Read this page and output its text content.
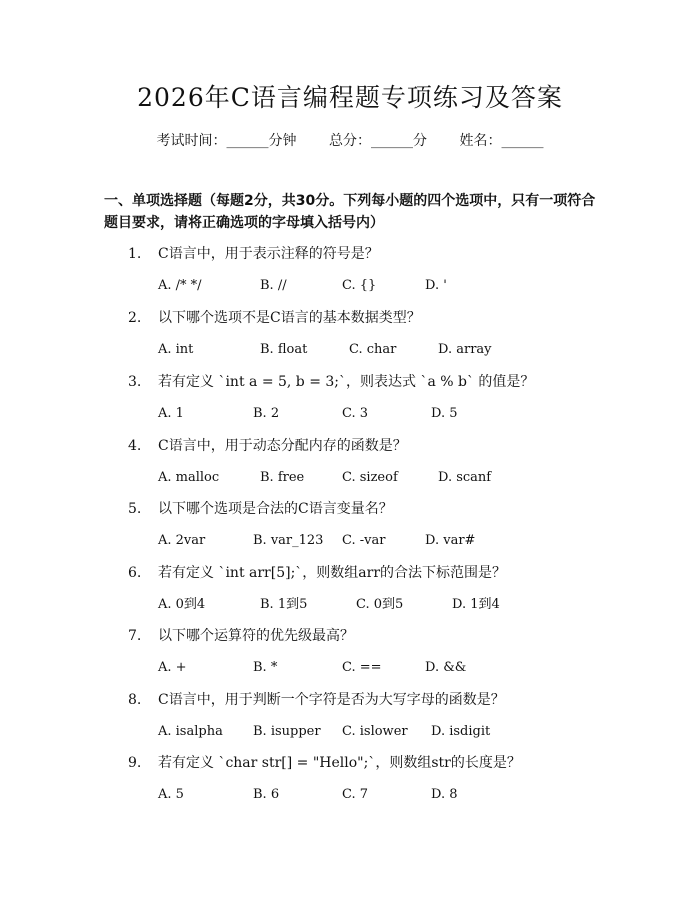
2026年C语言编程题专项练习及答案
考试时间：______分钟 总分：______分 姓名：______
一、单项选择题（每题2分，共30分。下列每小题的四个选项中，只有一项符合题目要求，请将正确选项的字母填入括号内）
1. C语言中，用于表示注释的符号是？
A. /* */	B. //	C. {}	D. '
2. 以下哪个选项不是C语言的基本数据类型？
A. int	B. float	C. char	D. array
3. 若有定义 `int a = 5, b = 3;`，则表达式 `a % b` 的值是？
A. 1	B. 2	C. 3	D. 5
4. C语言中，用于动态分配内存的函数是？
A. malloc	B. free	C. sizeof	D. scanf
5. 以下哪个选项是合法的C语言变量名？
A. 2var	B. var_123 C. -var	D. var#
6. 若有定义 `int arr[5];`，则数组arr的合法下标范围是？
A. 0到4	B. 1到5	C. 0到5	D. 1到4
7. 以下哪个运算符的优先级最高？
A. +	B. *	C. ==	D. &&
8. C语言中，用于判断一个字符是否为大写字母的函数是？
A. isalpha B. isupper C. islower D. isdigit
9. 若有定义 `char str[] = "Hello";`，则数组str的长度是？
A. 5	B. 6	C. 7	D. 8
